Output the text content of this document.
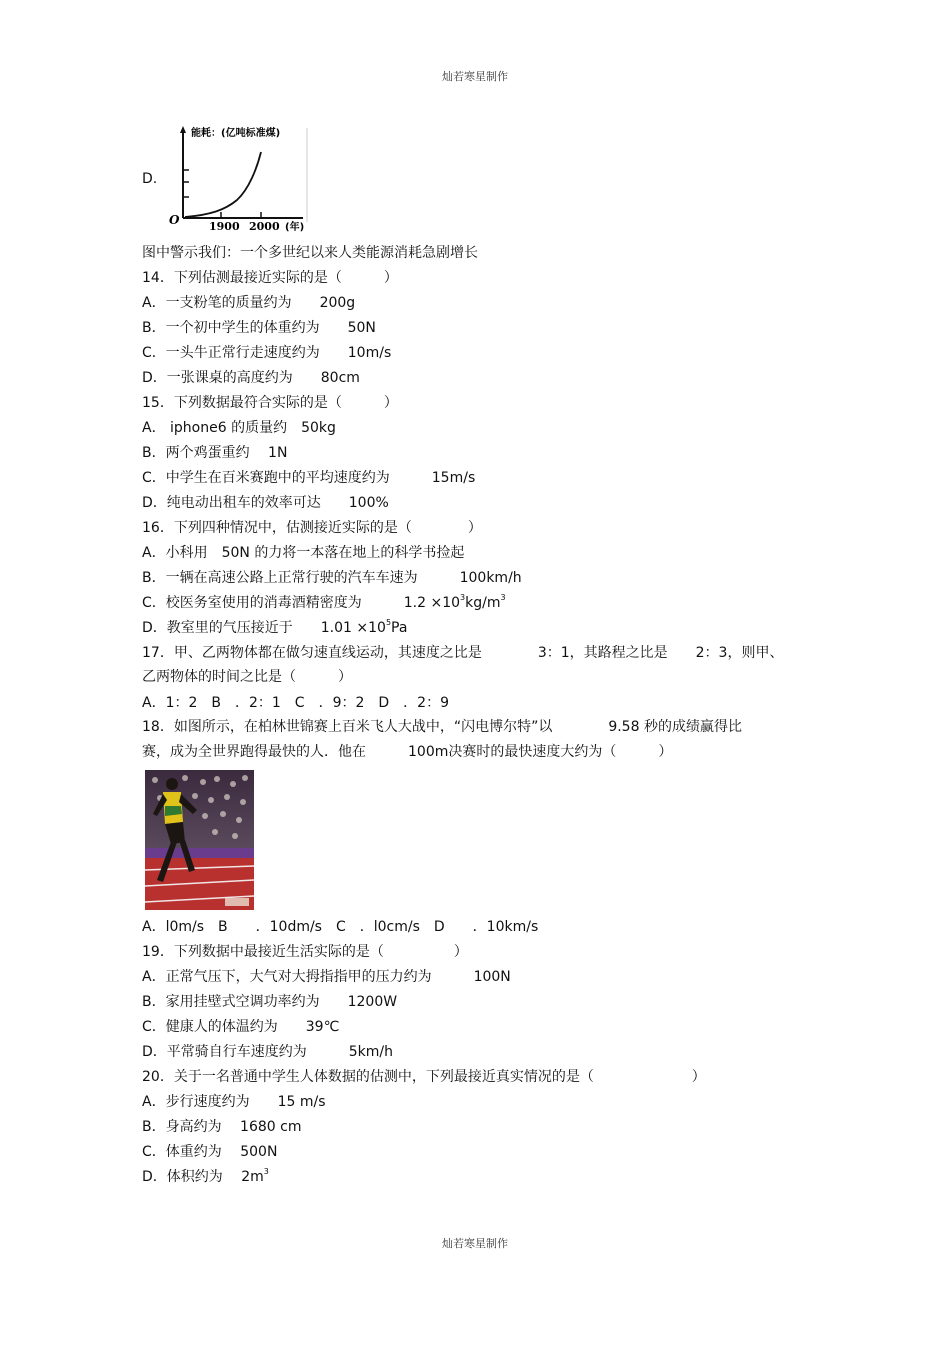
灿若寒星制作
D.
能耗：(亿吨标准煤)
O	1900 2000 (年)
图中警示我们：一个多世纪以来人类能源消耗急剧增长
14．下列估测最接近实际的是（　　　）
A．一支粉笔的质量约为　　200g
B．一个初中学生的体重约为　　50N
C．一头牛正常行走速度约为　　10m/s
D．一张课桌的高度约为　　80cm
15．下列数据最符合实际的是（　　　）
A． iphone6 的质量约　50kg
B．两个鸡蛋重约　 1N
C．中学生在百米赛跑中的平均速度约为　　　15m/s
D．纯电动出租车的效率可达　　100%
16．下列四种情况中，估测接近实际的是（　　　　）
A．小科用　50N 的力将一本落在地上的科学书捡起
B．一辆在高速公路上正常行驶的汽车车速为　　　100km/h
C．校医务室使用的消毒酒精密度为　　　$1.2 \times 10^3kg/m^3$
D．教室里的气压接近于　　$1.01 \times 10^5Pa$
17．甲、乙两物体都在做匀速直线运动，其速度之比是　　　　3：1，其路程之比是　　2：3，则甲、
乙两物体的时间之比是（　　　）
A．1：2　B　．2：1　C　．9：2　D　．2：9
18．如图所示，在柏林世锦赛上百米飞人大战中，“闪电博尔特”以　　　　9.58 秒的成绩赢得比
赛，成为全世界跑得最快的人．他在　　　100m决赛时的最快速度大约为（　　　）
A．l0m/s　B　　．10dm/s　C　．l0cm/s　D　　．10km/s
19．下列数据中最接近生活实际的是（　　　　　）
A．正常气压下，大气对大拇指指甲的压力约为　　　100N
B．家用挂壁式空调功率约为　　1200W
C．健康人的体温约为　　39℃
D．平常骑自行车速度约为　　　5km/h
20．关于一名普通中学生人体数据的估测中，下列最接近真实情况的是（　　　　　　　）
A．步行速度约为　　15 m/s
B．身高约为　 1680 cm
C．体重约为　 500N
D．体积约为　 $2m^3$
灿若寒星制作
